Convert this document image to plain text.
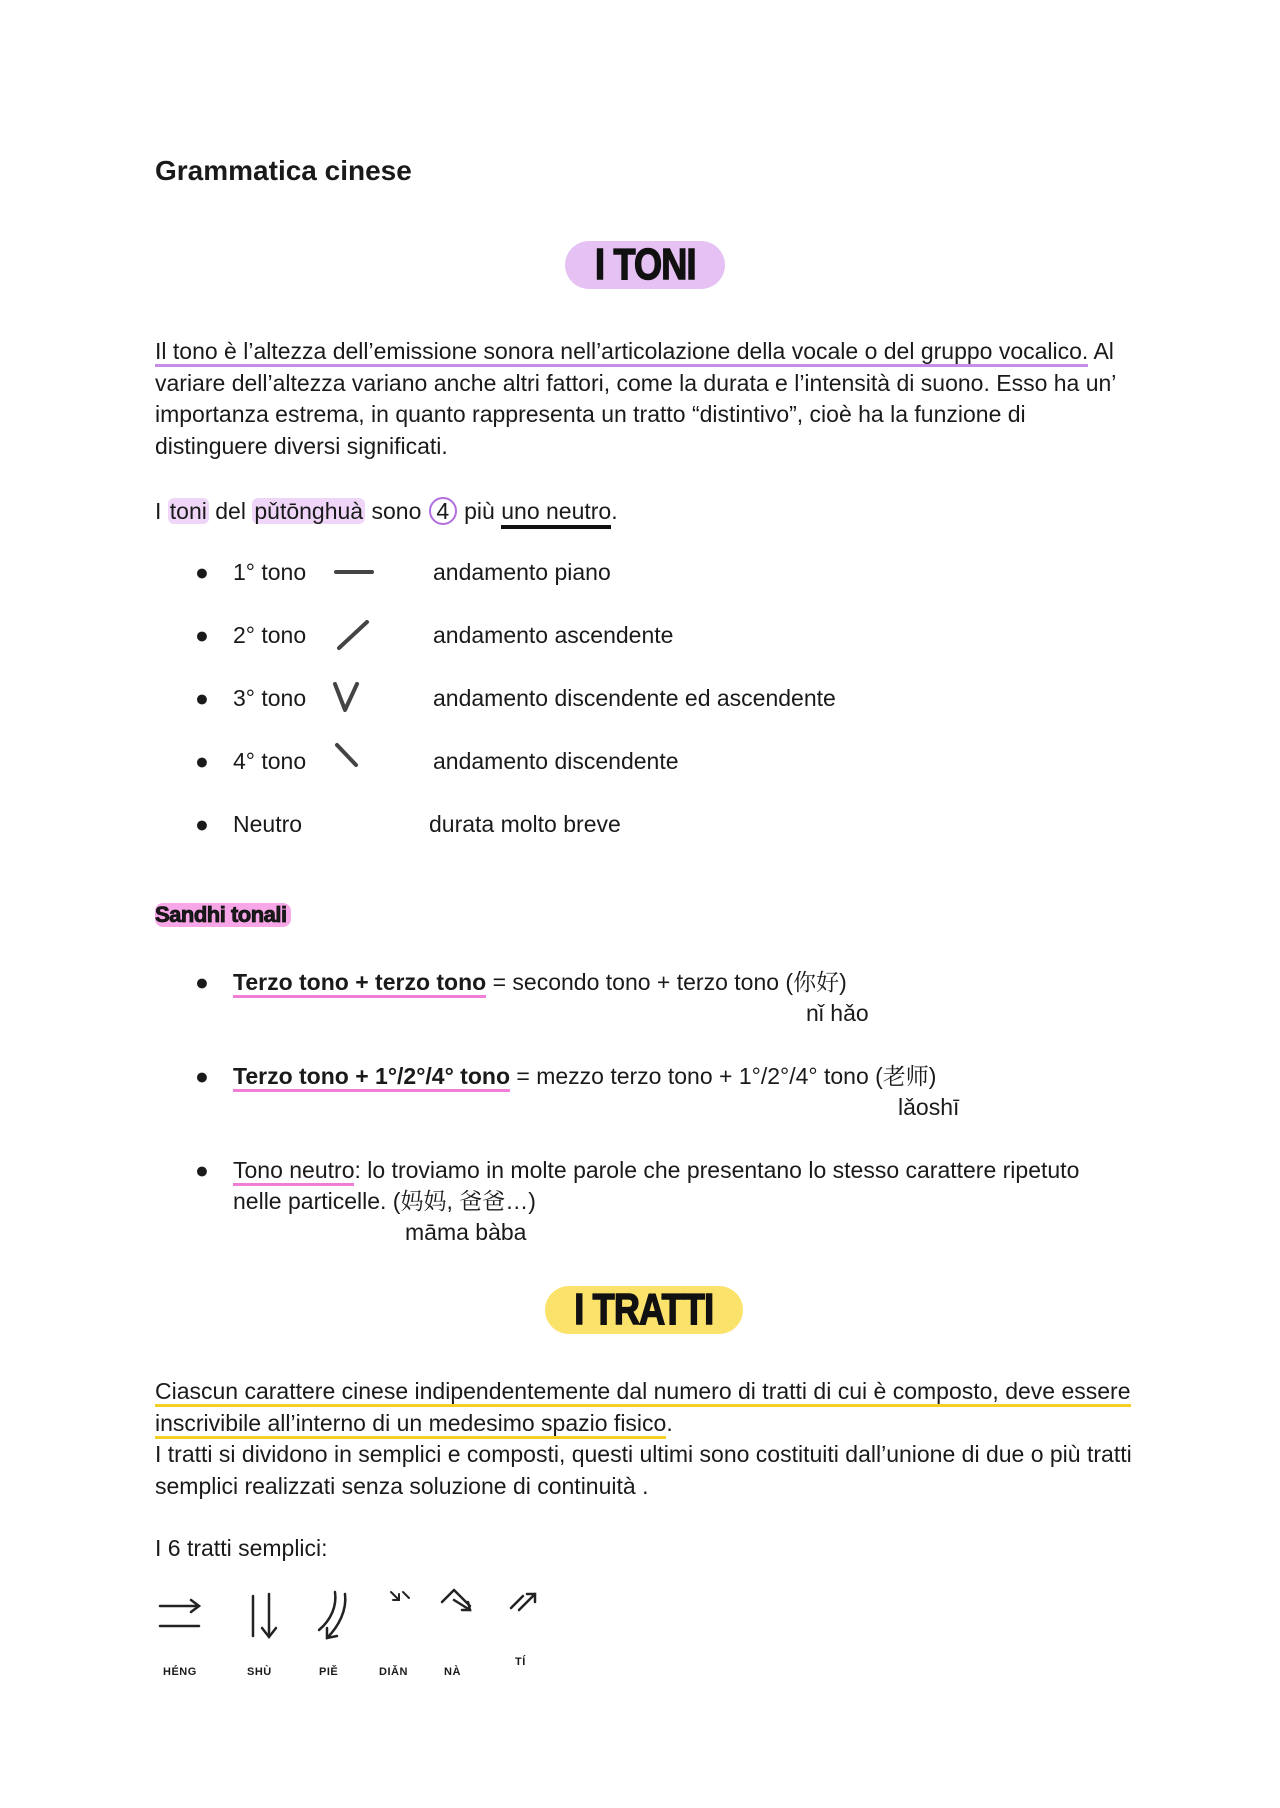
Grammatica cinese
I TONI
Il tono è l’altezza dell’emissione sonora nell’articolazione della vocale o del gruppo vocalico. Al variare dell’altezza variano anche altri fattori, come la durata e l’intensità di suono. Esso ha un’ importanza estrema, in quanto rappresenta un tratto “distintivo”, cioè ha la funzione di distinguere diversi significati.
I toni del pǔtōnghuà sono 4 più uno neutro.
● 1° tono	andamento piano
● 2° tono	andamento ascendente
● 3° tono	andamento discendente ed ascendente
● 4° tono	andamento discendente
● Neutro	durata molto breve
Sandhi tonali
● Terzo tono + terzo tono = secondo tono + terzo tono (你好)
nǐ hǎo
● Terzo tono + 1°/2°/4° tono = mezzo terzo tono + 1°/2°/4° tono (老师)
lǎoshī
● Tono neutro: lo troviamo in molte parole che presentano lo stesso carattere ripetuto nelle particelle. (妈妈, 爸爸…)
māma bàba
I TRATTI
Ciascun carattere cinese indipendentemente dal numero di tratti di cui è composto, deve essere inscrivibile all’interno di un medesimo spazio fisico.
I tratti si dividono in semplici e composti, questi ultimi sono costituiti dall’unione di due o più tratti semplici realizzati senza soluzione di continuità .
I 6 tratti semplici:
HÉNG	SHÙ	PIĚ	DIǍN	NÀ
TÍ
